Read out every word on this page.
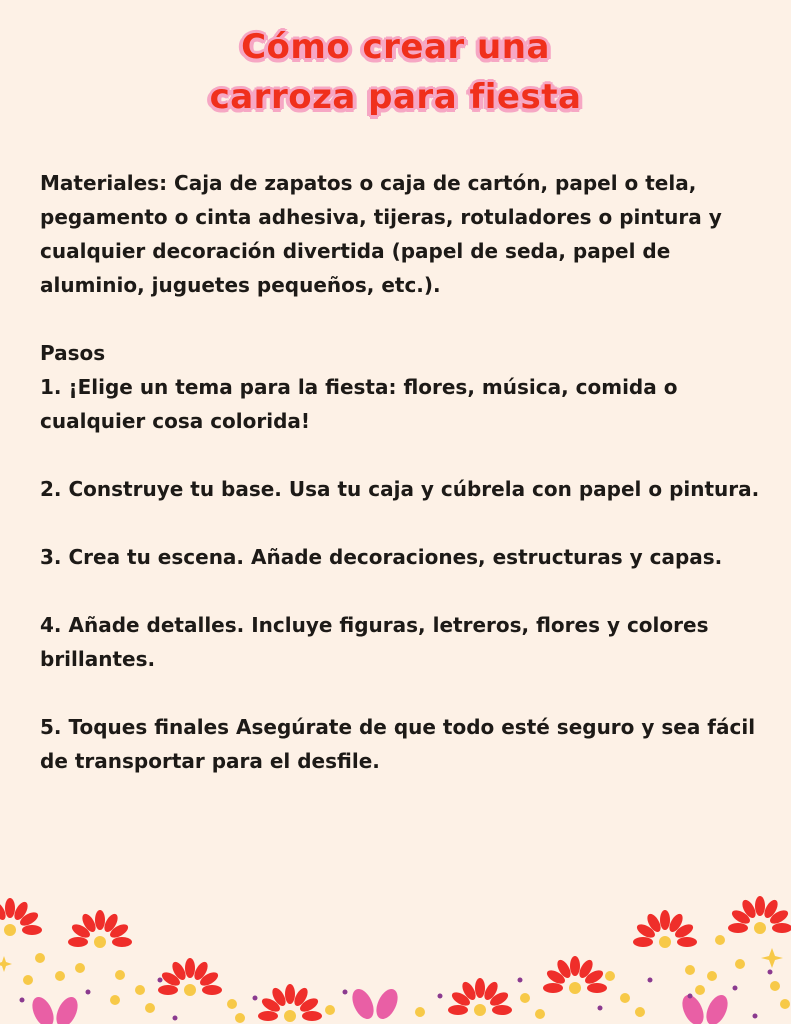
Cómo crear una
carroza para fiesta

Materiales: Caja de zapatos o caja de cartón, papel o tela, pegamento o cinta adhesiva, tijeras, rotuladores o pintura y cualquier decoración divertida (papel de seda, papel de aluminio, juguetes pequeños, etc.).

Pasos

1. ¡Elige un tema para la fiesta: flores, música, comida o cualquier cosa colorida!

2. Construye tu base. Usa tu caja y cúbrela con papel o pintura.

3. Crea tu escena. Añade decoraciones, estructuras y capas.

4. Añade detalles. Incluye figuras, letreros, flores y colores brillantes.

5. Toques finales Asegúrate de que todo esté seguro y sea fácil de transportar para el desfile.
